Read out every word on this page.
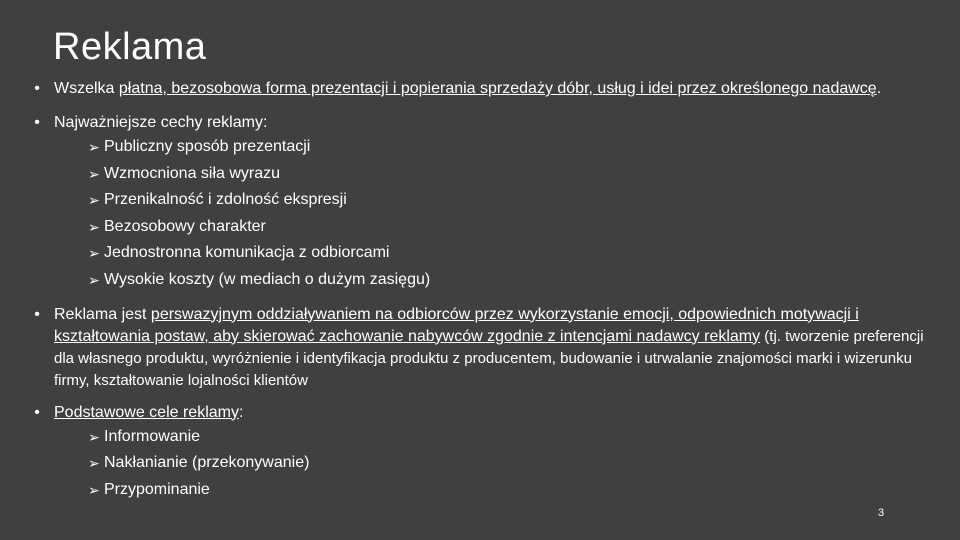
Reklama

• Wszelka płatna, bezosobowa forma prezentacji i popierania sprzedaży dóbr, usług i idei przez określonego nadawcę.

• Najważniejsze cechy reklamy:
➢ Publiczny sposób prezentacji
➢ Wzmocniona siła wyrazu
➢ Przenikalność i zdolność ekspresji
➢ Bezosobowy charakter
➢ Jednostronna komunikacja z odbiorcami
➢ Wysokie koszty (w mediach o dużym zasięgu)

• Reklama jest perswazyjnym oddziaływaniem na odbiorców przez wykorzystanie emocji, odpowiednich motywacji i kształtowania postaw, aby skierować zachowanie nabywców zgodnie z intencjami nadawcy reklamy (tj. tworzenie preferencji dla własnego produktu, wyróżnienie i identyfikacja produktu z producentem, budowanie i utrwalanie znajomości marki i wizerunku firmy, kształtowanie lojalności klientów

• Podstawowe cele reklamy:
➢ Informowanie
➢ Nakłanianie (przekonywanie)
➢ Przypominanie
3
